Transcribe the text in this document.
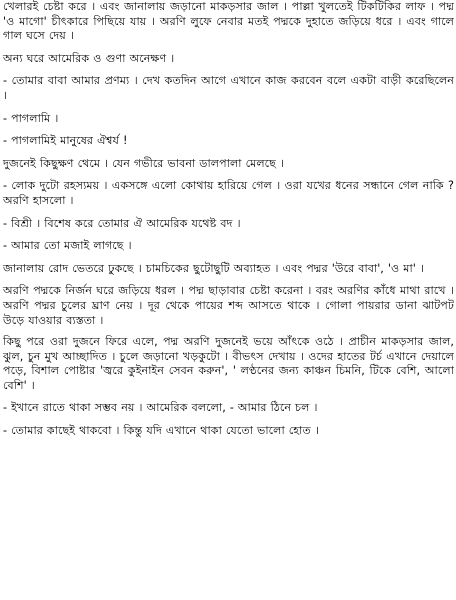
খেলারই চেষ্টা করে । এবং জানালায় জড়ানো মাকড়সার জাল । পাল্লা খুলতেই টিকটিকির লাফ । পদ্ম 'ও মাগো' চীৎকারে পিছিয়ে যায় । অরণি লুফে নেবার মতই পদ্মকে দুহাতে জড়িয়ে ধরে । এবং গালে গাল ঘসে দেয় ।

অন্য ঘরে আমেরিক ও গুণা অনেক্ষণ ।

- তোমার বাবা আমার প্রণম্য । দেখ কতদিন আগে এখানে কাজ করবেন বলে একটা বাড়ী করেছিলেন ।

- পাগলামি ।

- পাগলামিই মানুষের ঐশ্বর্য !

দুজনেই কিছুক্ষণ থেমে । যেন গভীরে ভাবনা ডালপালা মেলছে ।

- লোক দুটো রহস্যময় । একসঙ্গে এলো কোথায় হারিয়ে গেল । ওরা যখের ধনের সন্ধানে গেল নাকি ? অরণি হাসলো ।

- বিশ্রী । বিশেষ করে তোমার ঐ আমেরিক যথেষ্ট বদ ।

- আমার তো মজাই লাগছে ।

জানালায় রোদ ভেতরে ঢুকছে । চামচিকের ছুটোছুটি অব্যাহত । এবং পদ্মর 'উরে বাবা', 'ও মা' ।

অরণি পদ্মকে নির্জন ঘরে জড়িয়ে ধরল । পদ্ম ছাড়াবার চেষ্টা করেনা । বরং অরণির কাঁধে মাথা রাখে । অরণি পদ্মর চুলের ঘ্রাণ নেয় । দূর থেকে পায়ের শব্দ আসতে থাকে । গোলা পায়রার ডানা ঝাটপট উড়ে যাওয়ার ব্যস্ততা ।

কিছু পরে ওরা দুজনে ফিরে এলে, পদ্ম অরণি দুজনেই ভয়ে আঁৎকে ওঠে । প্রাচীন মাকড়সার জাল, ঝুল, চুন মুখ আচ্ছাদিত । চুলে জড়ানো খড়কুটো । বীভৎস দেখায় । ওদের হাতের টর্চ এখানে দেয়ালে পড়ে, বিশাল পোষ্টার 'জ্বরে কুইনাইন সেবন করুন', ' লণ্ঠনের জন্য কাঞ্চন চিমনি, টিকে বেশি, আলো বেশি' ।

- ইখানে রাতে থাকা সম্ভব নয় । আমেরিক বললো, - আমার ঠিনে চল ।

- তোমার কাছেই থাকবো । কিন্তু যদি এখানে থাকা যেতো ভালো হোত ।
